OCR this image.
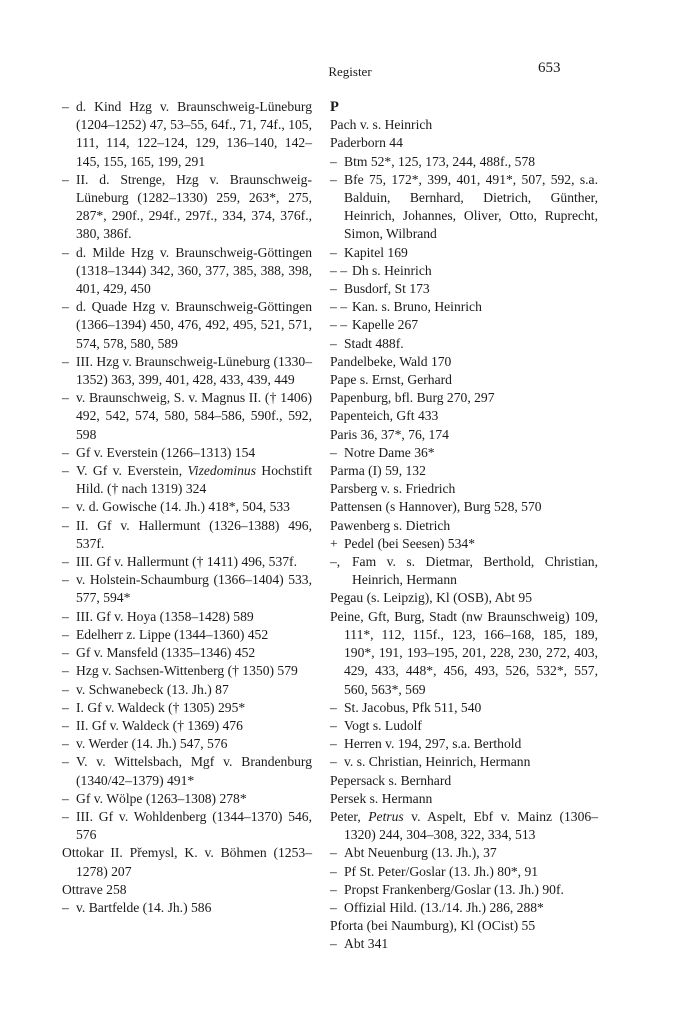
Register	653
– d. Kind Hzg v. Braunschweig-Lüneburg (1204–1252) 47, 53–55, 64f., 71, 74f., 105, 111, 114, 122–124, 129, 136–140, 142–145, 155, 165, 199, 291
– II. d. Strenge, Hzg v. Braunschweig-Lüneburg (1282–1330) 259, 263*, 275, 287*, 290f., 294f., 297f., 334, 374, 376f., 380, 386f.
– d. Milde Hzg v. Braunschweig-Göttingen (1318–1344) 342, 360, 377, 385, 388, 398, 401, 429, 450
– d. Quade Hzg v. Braunschweig-Göttingen (1366–1394) 450, 476, 492, 495, 521, 571, 574, 578, 580, 589
– III. Hzg v. Braunschweig-Lüneburg (1330–1352) 363, 399, 401, 428, 433, 439, 449
– v. Braunschweig, S. v. Magnus II. († 1406) 492, 542, 574, 580, 584–586, 590f., 592, 598
– Gf v. Everstein (1266–1313) 154
– V. Gf v. Everstein, Vizedominus Hochstift Hild. († nach 1319) 324
– v. d. Gowische (14. Jh.) 418*, 504, 533
– II. Gf v. Hallermunt (1326–1388) 496, 537f.
– III. Gf v. Hallermunt († 1411) 496, 537f.
– v. Holstein-Schaumburg (1366–1404) 533, 577, 594*
– III. Gf v. Hoya (1358–1428) 589
– Edelherr z. Lippe (1344–1360) 452
– Gf v. Mansfeld (1335–1346) 452
– Hzg v. Sachsen-Wittenberg († 1350) 579
– v. Schwanebeck (13. Jh.) 87
– I. Gf v. Waldeck († 1305) 295*
– II. Gf v. Waldeck († 1369) 476
– v. Werder (14. Jh.) 547, 576
– V. v. Wittelsbach, Mgf v. Brandenburg (1340/42–1379) 491*
– Gf v. Wölpe (1263–1308) 278*
– III. Gf v. Wohldenberg (1344–1370) 546, 576
Ottokar II. Přemysl, K. v. Böhmen (1253–1278) 207
Ottrave 258
– v. Bartfelde (14. Jh.) 586
P
Pach v. s. Heinrich
Paderborn 44
– Btm 52*, 125, 173, 244, 488f., 578
– Bfe 75, 172*, 399, 401, 491*, 507, 592, s.a. Balduin, Bernhard, Dietrich, Günther, Heinrich, Johannes, Oliver, Otto, Ruprecht, Simon, Wilbrand
– Kapitel 169
– – Dh s. Heinrich
– Busdorf, St 173
– – Kan. s. Bruno, Heinrich
– – Kapelle 267
– Stadt 488f.
Pandelbeke, Wald 170
Pape s. Ernst, Gerhard
Papenburg, bfl. Burg 270, 297
Papenteich, Gft 433
Paris 36, 37*, 76, 174
– Notre Dame 36*
Parma (I) 59, 132
Parsberg v. s. Friedrich
Pattensen (s Hannover), Burg 528, 570
Pawenberg s. Dietrich
+ Pedel (bei Seesen) 534*
–, Fam v. s. Dietmar, Berthold, Christian, Heinrich, Hermann
Pegau (s. Leipzig), Kl (OSB), Abt 95
Peine, Gft, Burg, Stadt (nw Braunschweig) 109, 111*, 112, 115f., 123, 166–168, 185, 189, 190*, 191, 193–195, 201, 228, 230, 272, 403, 429, 433, 448*, 456, 493, 526, 532*, 557, 560, 563*, 569
– St. Jacobus, Pfk 511, 540
– Vogt s. Ludolf
– Herren v. 194, 297, s.a. Berthold
– v. s. Christian, Heinrich, Hermann
Pepersack s. Bernhard
Persek s. Hermann
Peter, Petrus v. Aspelt, Ebf v. Mainz (1306–1320) 244, 304–308, 322, 334, 513
– Abt Neuenburg (13. Jh.), 37
– Pf St. Peter/Goslar (13. Jh.) 80*, 91
– Propst Frankenberg/Goslar (13. Jh.) 90f.
– Offizial Hild. (13./14. Jh.) 286, 288*
Pforta (bei Naumburg), Kl (OCist) 55
– Abt 341
